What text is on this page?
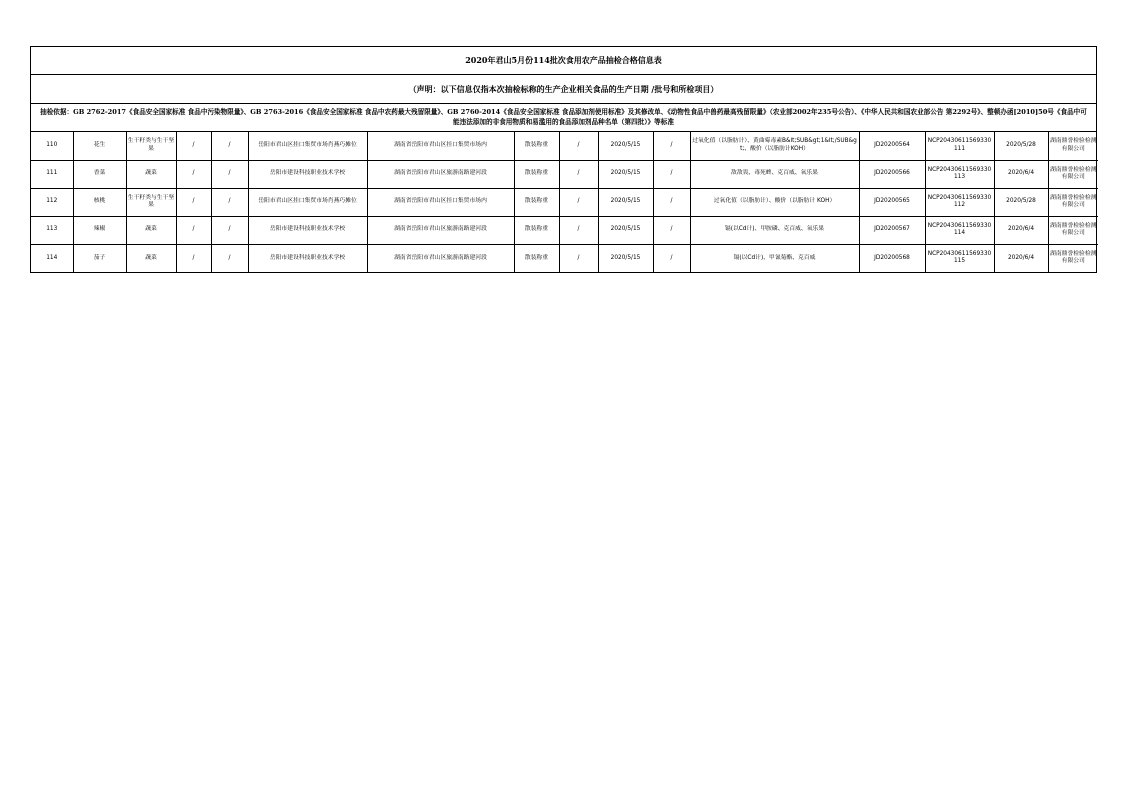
2020年君山5月份114批次食用农产品抽检合格信息表
（声明：以下信息仅指本次抽检标称的生产企业相关食品的生产日期 /批号和所检项目）
抽检依据：GB 2762-2017《食品安全国家标准 食品中污染物限量》、GB 2763-2016《食品安全国家标准 食品中农药最大残留限量》、GB 2760-2014《食品安全国家标准 食品添加剂使用标准》及其修改单、《动物性食品中兽药最高残留限量》（农业部2002年235号公告）、《中华人民共和国农业部公告 第2292号》、整顿办函[2010]50号《食品中可能违法添加的非食用物质和易滥用的食品添加剂品种名单（第四批）》等标准
110	花生	生干籽类与生干坚果	/	/	岳阳市君山区挂口集贸市场肖燕巧摊位	湖南省岳阳市君山区挂口集贸市场内	散装称重	/	2020/5/15	/	过氧化值（以脂肪计）、黄曲霉毒素B&lt;SUB&gt;1&lt;/SUB&gt;、酸价（以脂肪计KOH）	JD20200564	NCP20430611569330111	2020/5/28	湖南鼎誉检验检测有限公司
111	香菜	蔬菜	/	/	岳阳市建设科技职业技术学校	湖南省岳阳市君山区旅游南路建河段	散装称重	/	2020/5/15	/	敌敌畏、毒死蜱、克百威、氧乐果	JD20200566	NCP20430611569330113	2020/6/4	湖南鼎誉检验检测有限公司
112	核桃	生干籽类与生干坚果	/	/	岳阳市君山区挂口集贸市场肖燕巧摊位	湖南省岳阳市君山区挂口集贸市场内	散装称重	/	2020/5/15	/	过氧化值（以脂肪计）、酸价（以脂肪计 KOH）	JD20200565	NCP20430611569330112	2020/5/28	湖南鼎誉检验检测有限公司
113	辣椒	蔬菜	/	/	岳阳市建设科技职业技术学校	湖南省岳阳市君山区旅游南路建河段	散装称重	/	2020/5/15	/	镉(以Cd计)、甲胺磷、克百威、氧乐果	JD20200567	NCP20430611569330114	2020/6/4	湖南鼎誉检验检测有限公司
114	茄子	蔬菜	/	/	岳阳市建设科技职业技术学校	湖南省岳阳市君山区旅游南路建河段	散装称重	/	2020/5/15	/	镉(以Cd计)、甲氰菊酯、克百威	JD20200568	NCP20430611569330115	2020/6/4	湖南鼎誉检验检测有限公司
